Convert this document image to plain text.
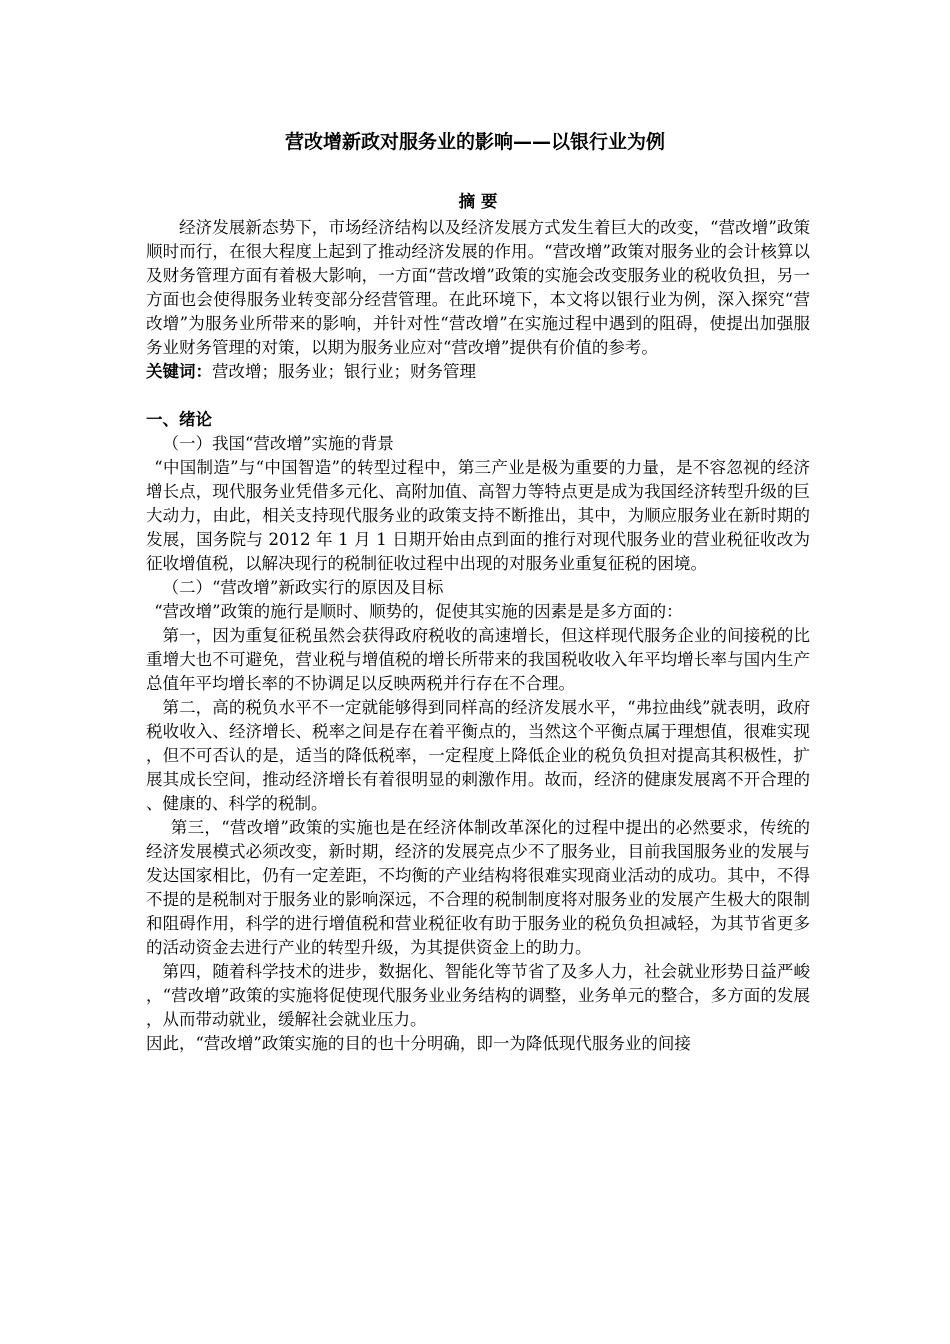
营改增新政对服务业的影响——以银行业为例

摘 要

经济发展新态势下，市场经济结构以及经济发展方式发生着巨大的改变，“营改增”政策顺时而行，在很大程度上起到了推动经济发展的作用。“营改增”政策对服务业的会计核算以及财务管理方面有着极大影响，一方面“营改增”政策的实施会改变服务业的税收负担，另一方面也会使得服务业转变部分经营管理。在此环境下，本文将以银行业为例，深入探究“营改增”为服务业所带来的影响，并针对性“营改增”在实施过程中遇到的阻碍，使提出加强服务业财务管理的对策，以期为服务业应对“营改增”提供有价值的参考。

关键词：营改增；服务业；银行业；财务管理

一、绪论

（一）我国“营改增”实施的背景

“中国制造”与“中国智造”的转型过程中，第三产业是极为重要的力量，是不容忽视的经济增长点，现代服务业凭借多元化、高附加值、高智力等特点更是成为我国经济转型升级的巨大动力，由此，相关支持现代服务业的政策支持不断推出，其中，为顺应服务业在新时期的发展，国务院与 2012 年 1 月 1 日期开始由点到面的推行对现代服务业的营业税征收改为征收增值税，以解决现行的税制征收过程中出现的对服务业重复征税的困境。

（二）“营改增”新政实行的原因及目标

“营改增”政策的施行是顺时、顺势的，促使其实施的因素是是多方面的：

第一，因为重复征税虽然会获得政府税收的高速增长，但这样现代服务企业的间接税的比重增大也不可避免，营业税与增值税的增长所带来的我国税收收入年平均增长率与国内生产总值年平均增长率的不协调足以反映两税并行存在不合理。

第二，高的税负水平不一定就能够得到同样高的经济发展水平，“弗拉曲线”就表明，政府税收收入、经济增长、税率之间是存在着平衡点的，当然这个平衡点属于理想值，很难实现，但不可否认的是，适当的降低税率，一定程度上降低企业的税负负担对提高其积极性，扩展其成长空间，推动经济增长有着很明显的刺激作用。故而，经济的健康发展离不开合理的、健康的、科学的税制。

第三，“营改增”政策的实施也是在经济体制改革深化的过程中提出的必然要求，传统的经济发展模式必须改变，新时期，经济的发展亮点少不了服务业，目前我国服务业的发展与发达国家相比，仍有一定差距，不均衡的产业结构将很难实现商业活动的成功。其中，不得不提的是税制对于服务业的影响深远，不合理的税制制度将对服务业的发展产生极大的限制和阻碍作用，科学的进行增值税和营业税征收有助于服务业的税负负担减轻，为其节省更多的活动资金去进行产业的转型升级，为其提供资金上的助力。

第四，随着科学技术的进步，数据化、智能化等节省了及多人力，社会就业形势日益严峻，“营改增”政策的实施将促使现代服务业业务结构的调整，业务单元的整合，多方面的发展，从而带动就业，缓解社会就业压力。

因此，“营改增”政策实施的目的也十分明确，即一为降低现代服务业的间接
